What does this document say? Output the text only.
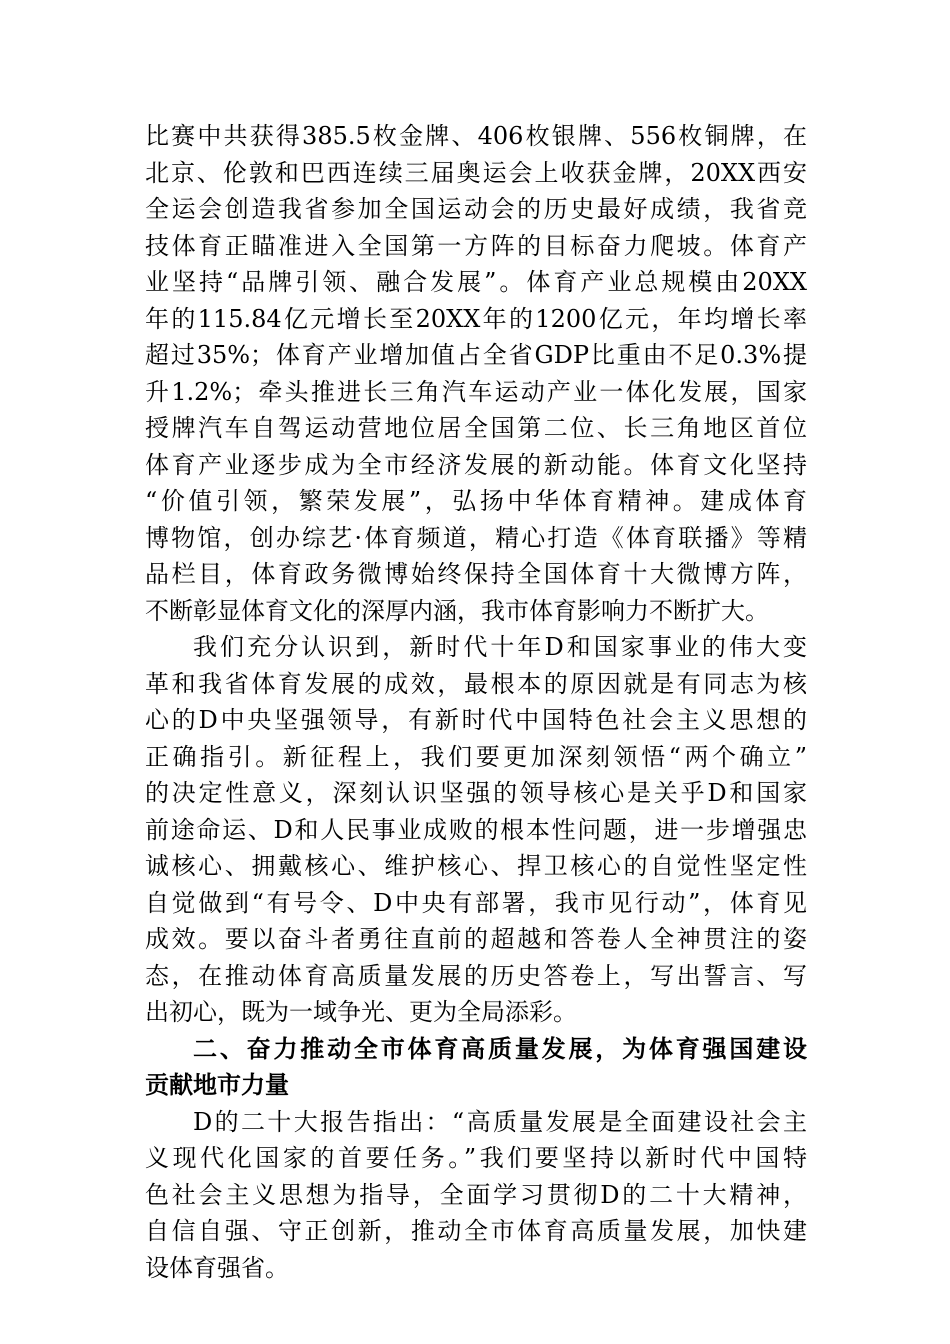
比赛中共获得385.5枚金牌、406枚银牌、556枚铜牌，在
北京、伦敦和巴西连续三届奥运会上收获金牌，20XX西安
全运会创造我省参加全国运动会的历史最好成绩，我省竞
技体育正瞄准进入全国第一方阵的目标奋力爬坡。体育产
业坚持“品牌引领、融合发展”。体育产业总规模由20XX
年的115.84亿元增长至20XX年的1200亿元，年均增长率
超过35%；体育产业增加值占全省GDP比重由不足0.3%提
升1.2%；牵头推进长三角汽车运动产业一体化发展，国家
授牌汽车自驾运动营地位居全国第二位、长三角地区首位
体育产业逐步成为全市经济发展的新动能。体育文化坚持
“价值引领，繁荣发展”，弘扬中华体育精神。建成体育
博物馆，创办综艺·体育频道，精心打造《体育联播》等精
品栏目，体育政务微博始终保持全国体育十大微博方阵，
不断彰显体育文化的深厚内涵，我市体育影响力不断扩大。
我们充分认识到，新时代十年D和国家事业的伟大变
革和我省体育发展的成效，最根本的原因就是有同志为核
心的D中央坚强领导，有新时代中国特色社会主义思想的
正确指引。新征程上，我们要更加深刻领悟“两个确立”
的决定性意义，深刻认识坚强的领导核心是关乎D和国家
前途命运、D和人民事业成败的根本性问题，进一步增强忠
诚核心、拥戴核心、维护核心、捍卫核心的自觉性坚定性
自觉做到“有号令、D中央有部署，我市见行动”，体育见
成效。要以奋斗者勇往直前的超越和答卷人全神贯注的姿
态，在推动体育高质量发展的历史答卷上，写出誓言、写
出初心，既为一域争光、更为全局添彩。
二、奋力推动全市体育高质量发展，为体育强国建设
贡献地市力量
D的二十大报告指出：“高质量发展是全面建设社会主
义现代化国家的首要任务。”我们要坚持以新时代中国特
色社会主义思想为指导，全面学习贯彻D的二十大精神，
自信自强、守正创新，推动全市体育高质量发展，加快建
设体育强省。
